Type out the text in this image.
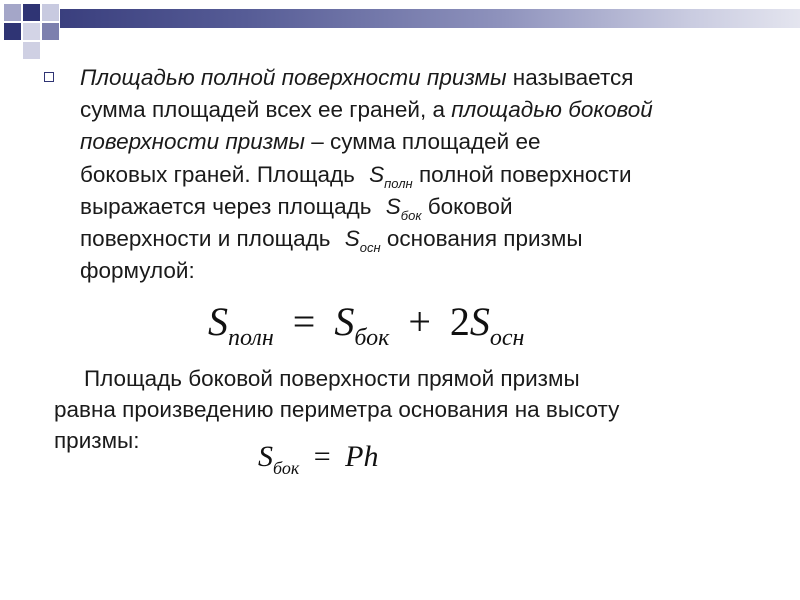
Площадью полной поверхности призмы называется
сумма площадей всех ее граней, а площадью боковой поверхности призмы – сумма площадей ее
боковых граней. Площадь $S_{полн}$ полной поверхности
выражается через площадь $S_{бок}$ боковой
поверхности и площадь $S_{осн}$ основания призмы
формулой:
$S_{полн} = S_{бок} + 2S_{осн}$
Площадь боковой поверхности прямой призмы
равна произведению периметра основания на высоту
призмы:	$S_{бок} = Ph$
